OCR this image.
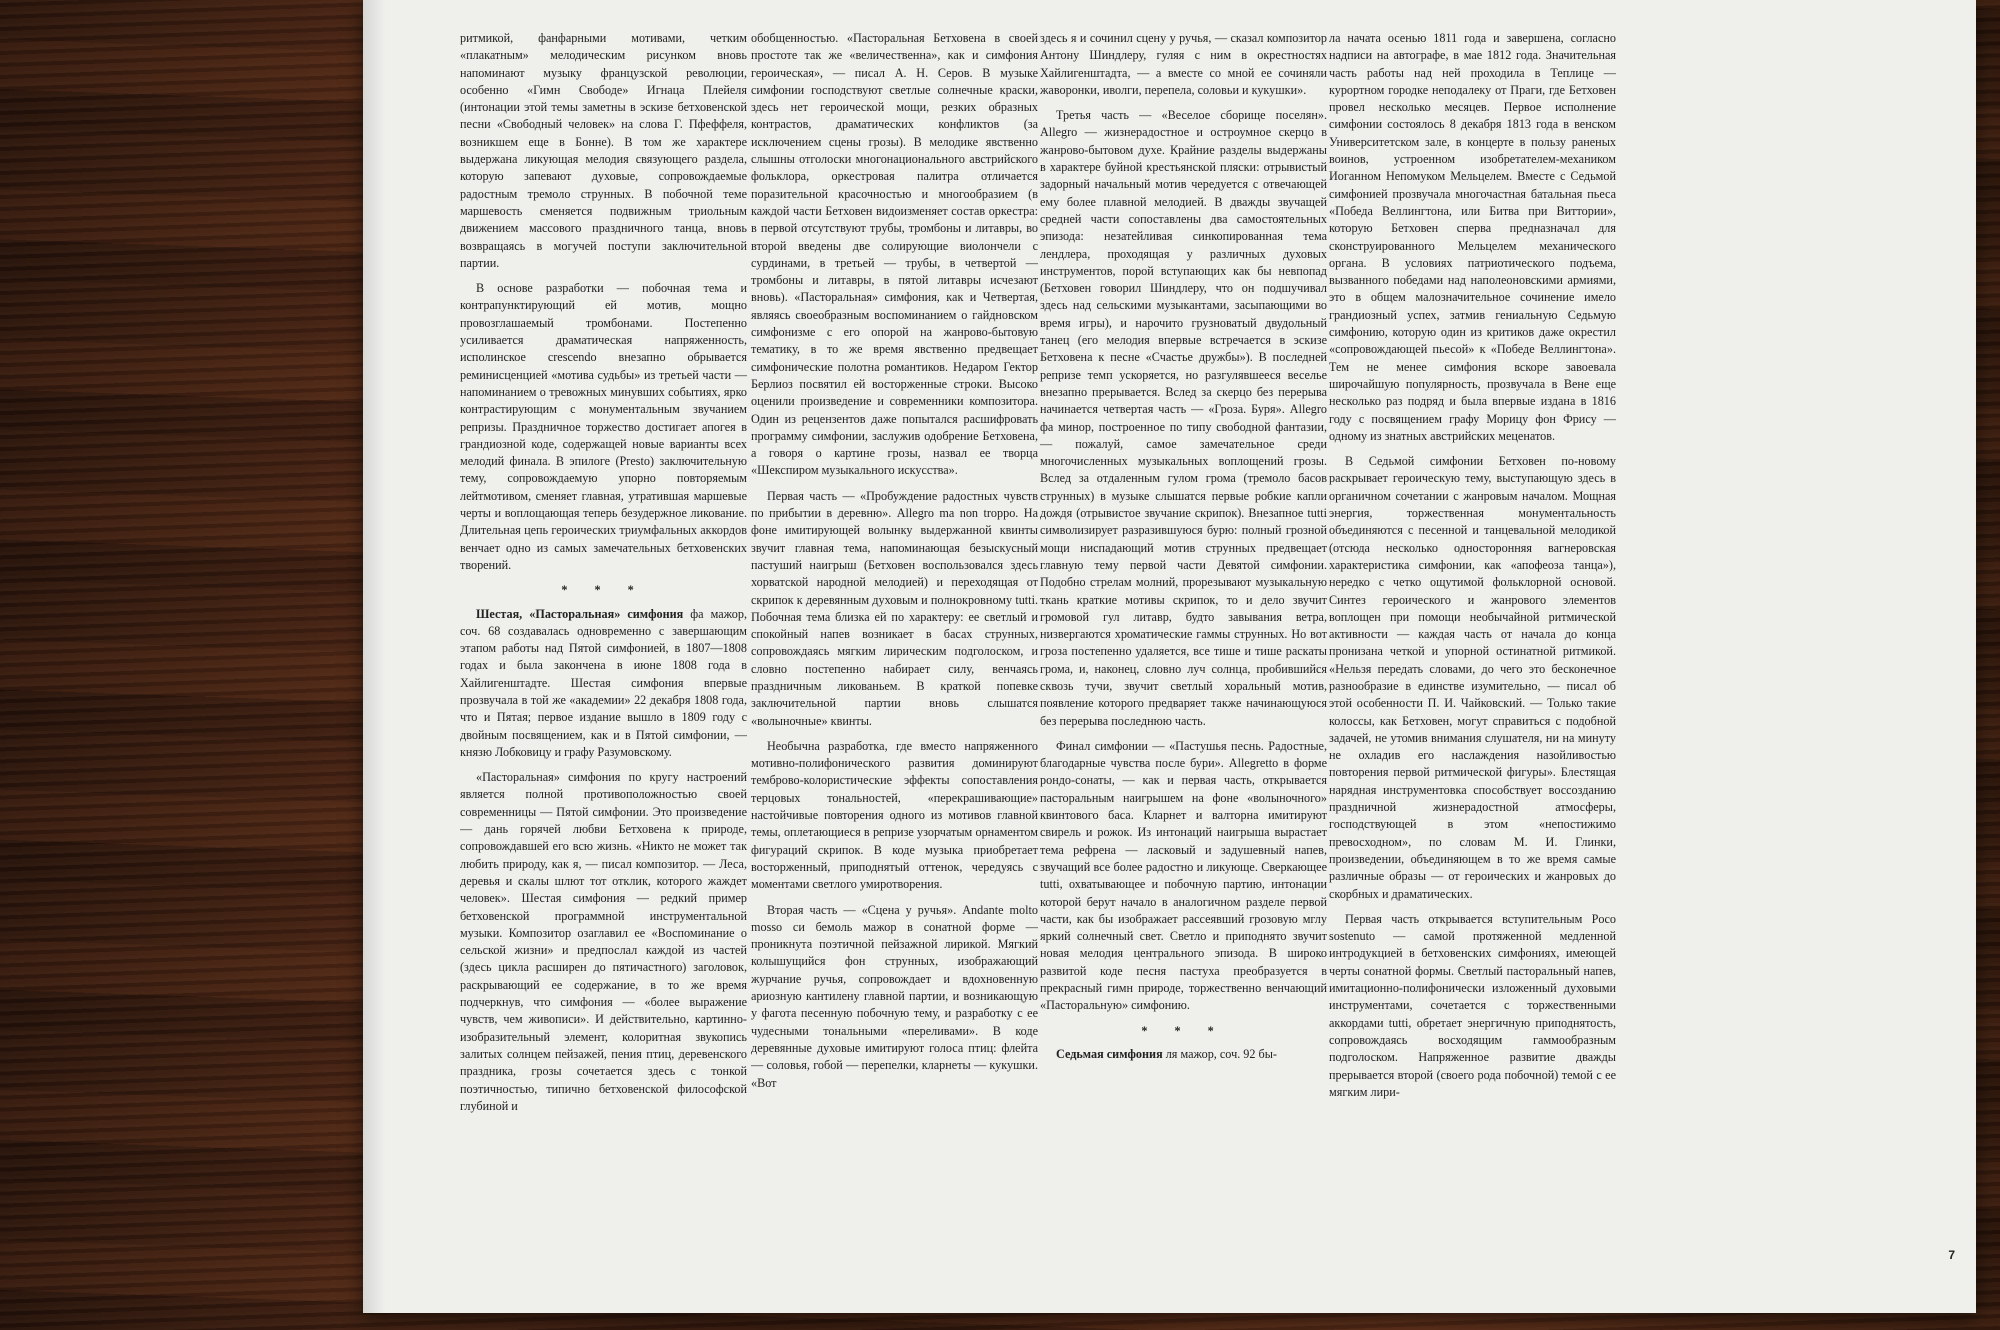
ритмикой, фанфарными мотивами, четким «плакатным» мелодическим рисунком вновь напоминают музыку французской революции, особенно «Гимн Свободе» Игнаца Плейеля (интонации этой темы заметны в эскизе бетховенской песни «Свободный человек» на слова Г. Пфеффеля, возникшем еще в Бонне). В том же характере выдержана ликующая мелодия связующего раздела, которую запевают духовые, сопровождаемые радостным тремоло струнных. В побочной теме маршевость сменяется подвижным триольным движением массового праздничного танца, вновь возвращаясь в могучей поступи заключительной партии.

В основе разработки — побочная тема и контрапунктирующий ей мотив, мощно провозглашаемый тромбонами. Постепенно усиливается драматическая напряженность, исполинское crescendo внезапно обрывается реминисценцией «мотива судьбы» из третьей части — напоминанием о тревожных минувших событиях, ярко контрастирующим с монументальным звучанием репризы. Праздничное торжество достигает апогея в грандиозной коде, содержащей новые варианты всех мелодий финала. В эпилоге (Presto) заключительную тему, сопровождаемую упорно повторяемым лейтмотивом, сменяет главная, утратившая маршевые черты и воплощающая теперь безудержное ликование. Длительная цепь героических триумфальных аккордов венчает одно из самых замечательных бетховенских творений.

* * *

Шестая, «Пасторальная» симфония фа мажор, соч. 68 создавалась одновременно с завершающим этапом работы над Пятой симфонией, в 1807—1808 годах и была закончена в июне 1808 года в Хайлигенштадте. Шестая симфония впервые прозвучала в той же «академии» 22 декабря 1808 года, что и Пятая; первое издание вышло в 1809 году с двойным посвящением, как и в Пятой симфонии, — князю Лобковицу и графу Разумовскому.

«Пасторальная» симфония по кругу настроений является полной противоположностью своей современницы — Пятой симфонии. Это произведение — дань горячей любви Бетховена к природе, сопровождавшей его всю жизнь. «Никто не может так любить природу, как я, — писал композитор. — Леса, деревья и скалы шлют тот отклик, которого жаждет человек». Шестая симфония — редкий пример бетховенской программной инструментальной музыки. Композитор озаглавил ее «Воспоминание о сельской жизни» и предпослал каждой из частей (здесь цикла расширен до пятичастного) заголовок, раскрывающий ее содержание, в то же время подчеркнув, что симфония — «более выражение чувств, чем живописи». И действительно, картинно-изобразительный элемент, колоритная звукопись залитых солнцем пейзажей, пения птиц, деревенского праздника, грозы сочетается здесь с тонкой поэтичностью, типично бетховенской философской глубиной и

обобщенностью. «Пасторальная Бетховена в своей простоте так же «величественна», как и симфония героическая», — писал А. Н. Серов. В музыке симфонии господствуют светлые солнечные краски, здесь нет героической мощи, резких образных контрастов, драматических конфликтов (за исключением сцены грозы). В мелодике явственно слышны отголоски многонационального австрийского фольклора, оркестровая палитра отличается поразительной красочностью и многообразием (в каждой части Бетховен видоизменяет состав оркестра: в первой отсутствуют трубы, тромбоны и литавры, во второй введены две солирующие виолончели с сурдинами, в третьей — трубы, в четвертой — тромбоны и литавры, в пятой литавры исчезают вновь). «Пасторальная» симфония, как и Четвертая, являясь своеобразным воспоминанием о гайдновском симфонизме с его опорой на жанрово-бытовую тематику, в то же время явственно предвещает симфонические полотна романтиков. Недаром Гектор Берлиоз посвятил ей восторженные строки. Высоко оценили произведение и современники композитора. Один из рецензентов даже попытался расшифровать программу симфонии, заслужив одобрение Бетховена, а говоря о картине грозы, назвал ее творца «Шекспиром музыкального искусства».

Первая часть — «Пробуждение радостных чувств по прибытии в деревню». Allegro ma non troppo. На фоне имитирующей волынку выдержанной квинты звучит главная тема, напоминающая безыскусный пастуший наигрыш (Бетховен воспользовался здесь хорватской народной мелодией) и переходящая от скрипок к деревянным духовым и полнокровному tutti. Побочная тема близка ей по характеру: ее светлый и спокойный напев возникает в басах струнных, сопровождаясь мягким лирическим подголоском, и словно постепенно набирает силу, венчаясь праздничным ликованьем. В краткой попевке заключительной партии вновь слышатся «волыночные» квинты.

Необычна разработка, где вместо напряженного мотивно-полифонического развития доминируют темброво-колористические эффекты сопоставления терцовых тональностей, «перекрашивающие» настойчивые повторения одного из мотивов главной темы, оплетающиеся в репризе узорчатым орнаментом фигураций скрипок. В коде музыка приобретает восторженный, приподнятый оттенок, чередуясь с моментами светлого умиротворения.

Вторая часть — «Сцена у ручья». Andante molto mosso си бемоль мажор в сонатной форме — проникнута поэтичной пейзажной лирикой. Мягкий колышущийся фон струнных, изображающий журчание ручья, сопровождает и вдохновенную ариозную кантилену главной партии, и возникающую у фагота песенную побочную тему, и разработку с ее чудесными тональными «переливами». В коде деревянные духовые имитируют голоса птиц: флейта — соловья, гобой — перепелки, кларнеты — кукушки. «Вот

здесь я и сочинил сцену у ручья, — сказал композитор Антону Шиндлеру, гуляя с ним в окрестностях Хайлигенштадта, — а вместе со мной ее сочиняли жаворонки, иволги, перепела, соловьи и кукушки».

Третья часть — «Веселое сборище поселян». Allegro — жизнерадостное и остроумное скерцо в жанрово-бытовом духе. Крайние разделы выдержаны в характере буйной крестьянской пляски: отрывистый задорный начальный мотив чередуется с отвечающей ему более плавной мелодией. В дважды звучащей средней части сопоставлены два самостоятельных эпизода: незатейливая синкопированная тема лендлера, проходящая у различных духовых инструментов, порой вступающих как бы невпопад (Бетховен говорил Шиндлеру, что он подшучивал здесь над сельскими музыкантами, засыпающими во время игры), и нарочито грузноватый двудольный танец (его мелодия впервые встречается в эскизе Бетховена к песне «Счастье дружбы»). В последней репризе темп ускоряется, но разгулявшееся веселье внезапно прерывается. Вслед за скерцо без перерыва начинается четвертая часть — «Гроза. Буря». Allegro фа минор, построенное по типу свободной фантазии, — пожалуй, самое замечательное среди многочисленных музыкальных воплощений грозы. Вслед за отдаленным гулом грома (тремоло басов струнных) в музыке слышатся первые робкие капли дождя (отрывистое звучание скрипок). Внезапное tutti символизирует разразившуюся бурю: полный грозной мощи ниспадающий мотив струнных предвещает главную тему первой части Девятой симфонии. Подобно стрелам молний, прорезывают музыкальную ткань краткие мотивы скрипок, то и дело звучит громовой гул литавр, будто завывания ветра, низвергаются хроматические гаммы струнных. Но вот гроза постепенно удаляется, все тише и тише раскаты грома, и, наконец, словно луч солнца, пробившийся сквозь тучи, звучит светлый хоральный мотив, появление которого предваряет также начинающуюся без перерыва последнюю часть.

Финал симфонии — «Пастушья песнь. Радостные, благодарные чувства после бури». Allegretto в форме рондо-сонаты, — как и первая часть, открывается пасторальным наигрышем на фоне «волыночного» квинтового баса. Кларнет и валторна имитируют свирель и рожок. Из интонаций наигрыша вырастает тема рефрена — ласковый и задушевный напев, звучащий все более радостно и ликующе. Сверкающее tutti, охватывающее и побочную партию, интонации которой берут начало в аналогичном разделе первой части, как бы изображает рассеявший грозовую мглу яркий солнечный свет. Светло и приподнято звучит новая мелодия центрального эпизода. В широко развитой коде песня пастуха преобразуется в прекрасный гимн природе, торжественно венчающий «Пасторальную» симфонию.

* * *

Седьмая симфония ля мажор, соч. 92 бы-

ла начата осенью 1811 года и завершена, согласно надписи на автографе, в мае 1812 года. Значительная часть работы над ней проходила в Теплице — курортном городке неподалеку от Праги, где Бетховен провел несколько месяцев. Первое исполнение симфонии состоялось 8 декабря 1813 года в венском Университетском зале, в концерте в пользу раненых воинов, устроенном изобретателем-механиком Иоганном Непомуком Мельцелем. Вместе с Седьмой симфонией прозвучала многочастная батальная пьеса «Победа Веллингтона, или Битва при Виттории», которую Бетховен сперва предназначал для сконструированного Мельцелем механического органа. В условиях патриотического подъема, вызванного победами над наполеоновскими армиями, это в общем малозначительное сочинение имело грандиозный успех, затмив гениальную Седьмую симфонию, которую один из критиков даже окрестил «сопровождающей пьесой» к «Победе Веллингтона». Тем не менее симфония вскоре завоевала широчайшую популярность, прозвучала в Вене еще несколько раз подряд и была впервые издана в 1816 году с посвящением графу Морицу фон Фрису — одному из знатных австрийских меценатов.

В Седьмой симфонии Бетховен по-новому раскрывает героическую тему, выступающую здесь в органичном сочетании с жанровым началом. Мощная энергия, торжественная монументальность объединяются с песенной и танцевальной мелодикой (отсюда несколько односторонняя вагнеровская характеристика симфонии, как «апофеоза танца»), нередко с четко ощутимой фольклорной основой. Синтез героического и жанрового элементов воплощен при помощи необычайной ритмической активности — каждая часть от начала до конца пронизана четкой и упорной остинатной ритмикой. «Нельзя передать словами, до чего это бесконечное разнообразие в единстве изумительно, — писал об этой особенности П. И. Чайковский. — Только такие колоссы, как Бетховен, могут справиться с подобной задачей, не утомив внимания слушателя, ни на минуту не охладив его наслаждения назойливостью повторения первой ритмической фигуры». Блестящая нарядная инструментовка способствует воссозданию праздничной жизнерадостной атмосферы, господствующей в этом «непостижимо превосходном», по словам М. И. Глинки, произведении, объединяющем в то же время самые различные образы — от героических и жанровых до скорбных и драматических.

Первая часть открывается вступительным Poco sostenuto — самой протяженной медленной интродукцией в бетховенских симфониях, имеющей черты сонатной формы. Светлый пасторальный напев, имитационно-полифонически изложенный духовыми инструментами, сочетается с торжественными аккордами tutti, обретает энергичную приподнятость, сопровождаясь восходящим гаммообразным подголоском. Напряженное развитие дважды прерывается второй (своего рода побочной) темой с ее мягким лири-

7
